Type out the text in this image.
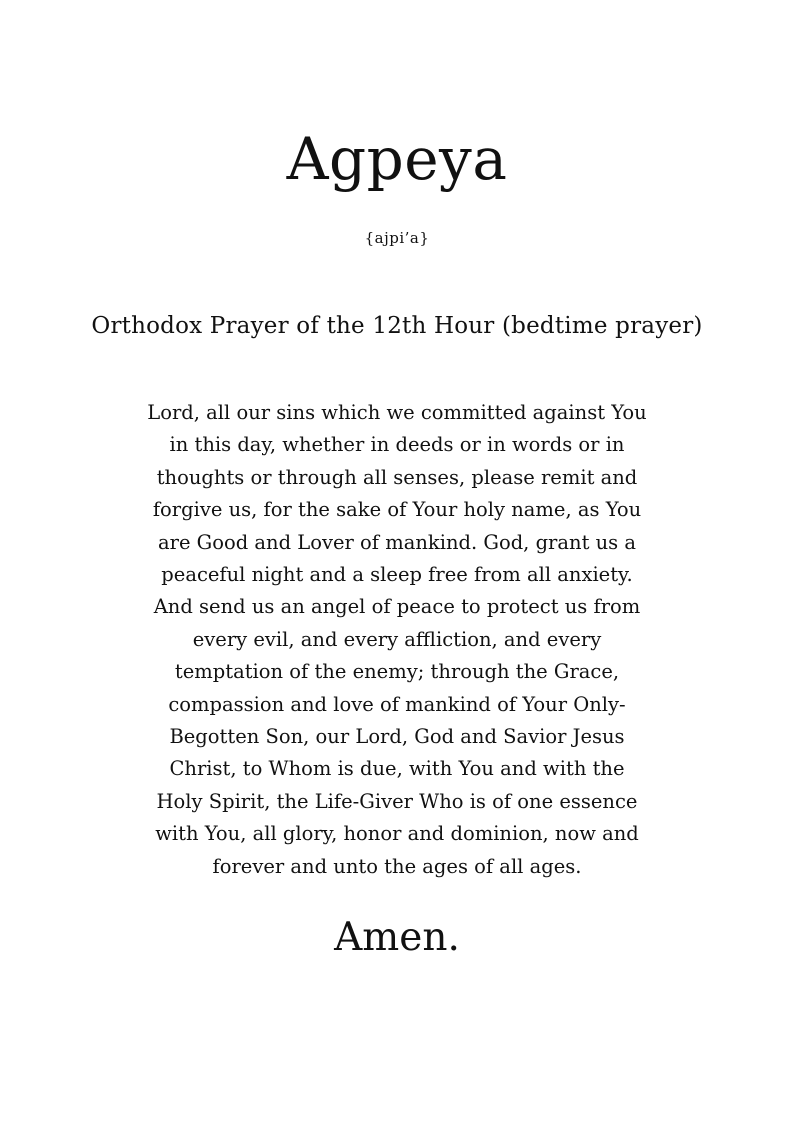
Agpeya
{ajpi’a}
Orthodox Prayer of the 12th Hour (bedtime prayer)

Lord, all our sins which we committed against You
in this day, whether in deeds or in words or in
thoughts or through all senses, please remit and
forgive us, for the sake of Your holy name, as You
are Good and Lover of mankind. God, grant us a
peaceful night and a sleep free from all anxiety.
And send us an angel of peace to protect us from
every evil, and every affliction, and every
temptation of the enemy; through the Grace,
compassion and love of mankind of Your Only-
Begotten Son, our Lord, God and Savior Jesus
Christ, to Whom is due, with You and with the
Holy Spirit, the Life-Giver Who is of one essence
with You, all glory, honor and dominion, now and
forever and unto the ages of all ages.

Amen.
